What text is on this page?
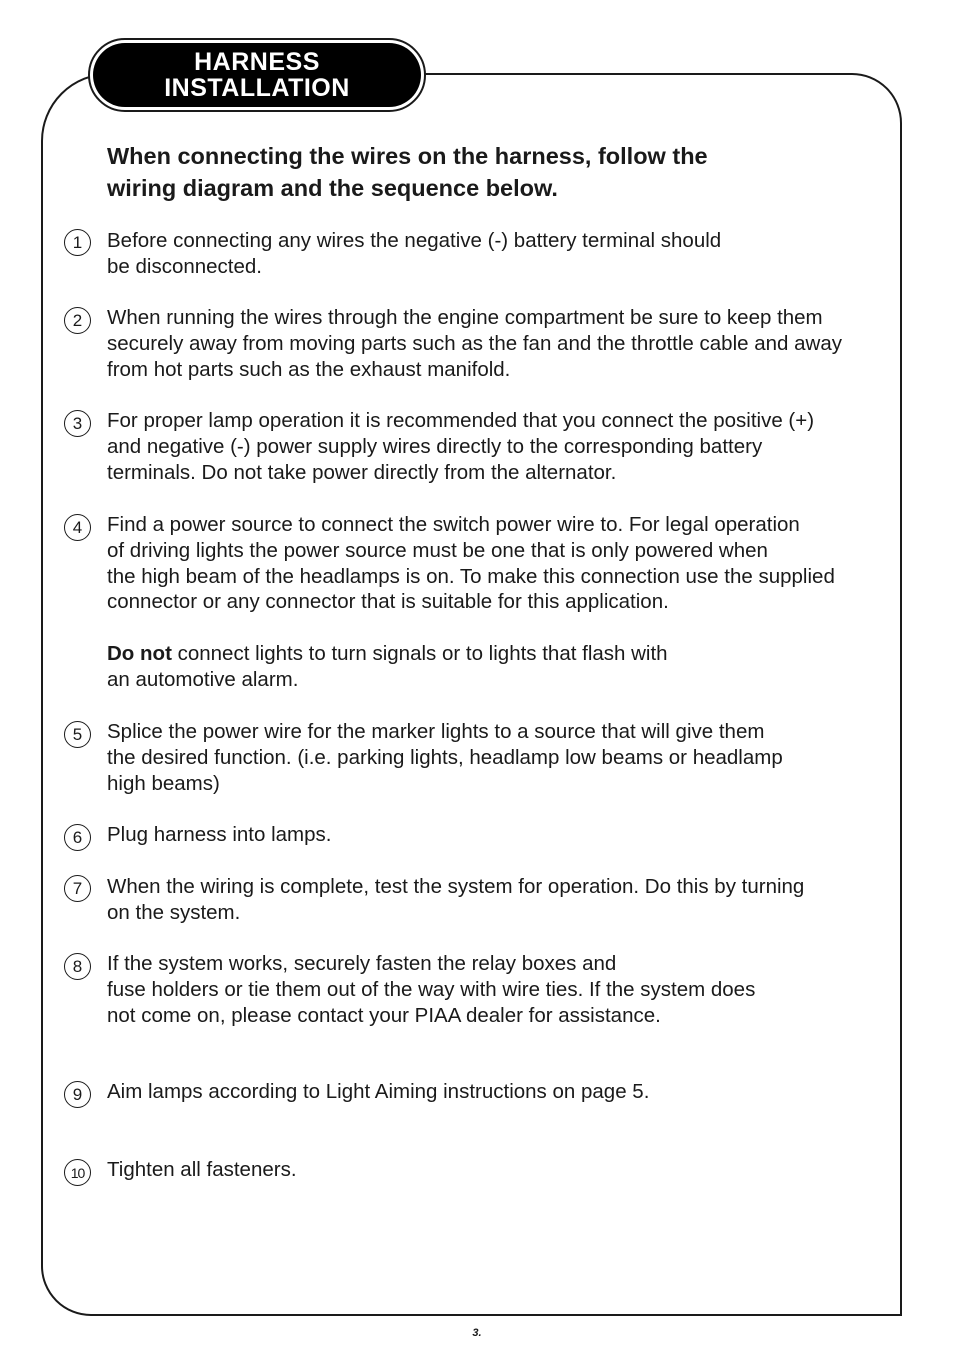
HARNESS
INSTALLATION

When connecting the wires on the harness, follow the
wiring diagram and the sequence below.

1	Before connecting any wires the negative (-) battery terminal should
be disconnected.

2	When running the wires through the engine compartment be sure to keep them
securely away from moving parts such as the fan and the throttle cable and away
from hot parts such as the exhaust manifold.

3	For proper lamp operation it is recommended that you connect the positive (+)
and negative (-) power supply wires directly to the corresponding battery
terminals. Do not take power directly from the alternator.

4	Find a power source to connect the switch power wire to. For legal operation
of driving lights the power source must be one that is only powered when
the high beam of the headlamps is on. To make this connection use the supplied
connector or any connector that is suitable for this application.

Do not connect lights to turn signals or to lights that flash with
an automotive alarm.

5	Splice the power wire for the marker lights to a source that will give them
the desired function. (i.e. parking lights, headlamp low beams or headlamp
high beams)

6	Plug harness into lamps.

7	When the wiring is complete, test the system for operation. Do this by turning
on the system.

8	If the system works, securely fasten the relay boxes and
fuse holders or tie them out of the way with wire ties. If the system does
not come on, please contact your PIAA dealer for assistance.

9	Aim lamps according to Light Aiming instructions on page 5.

10	Tighten all fasteners.

3.
